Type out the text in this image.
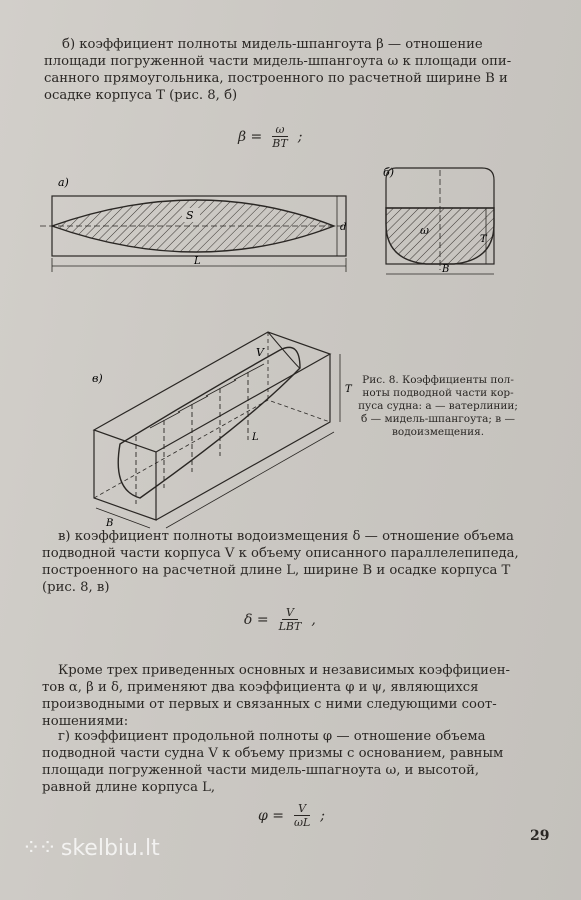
б) коэффициент полноты мидель-шпангоута β — отношение
площади погруженной части мидель-шпангоута ω к площади опи-
санного прямоугольника, построенного по расчетной ширине B и
осадке корпуса T (рис. 8, б)
$\beta = \frac{\omega}{BT}$ ;
a)
S
d
L
б)
ω
T
B
в)
V
T
B
L
Рис. 8. Коэффициенты пол-
ноты подводной части кор-
пуса судна: a — ватерлинии;
б — мидель-шпангоута; в —
водоизмещения.
в) коэффициент полноты водоизмещения δ — отношение объема
подводной части корпуса V к объему описанного параллелепипеда,
построенного на расчетной длине L, ширине B и осадке корпуса T
(рис. 8, в)
$\delta = \frac{V}{\text{LBT}}$ ,
Кроме трех приведенных основных и независимых коэффициен-
тов α, β и δ, применяют два коэффициента φ и ψ, являющихся
производными от первых и связанных с ними следующими соот-
ношениями:
г) коэффициент продольной полноты φ — отношение объема
подводной части судна V к объему призмы с основанием, равным
площади погруженной части мидель-шпагноута ω, и высотой,
равной длине корпуса L,
$\varphi = \frac{V}{\omega L}$ ;
29
⁘⁘ skelbiu.lt
